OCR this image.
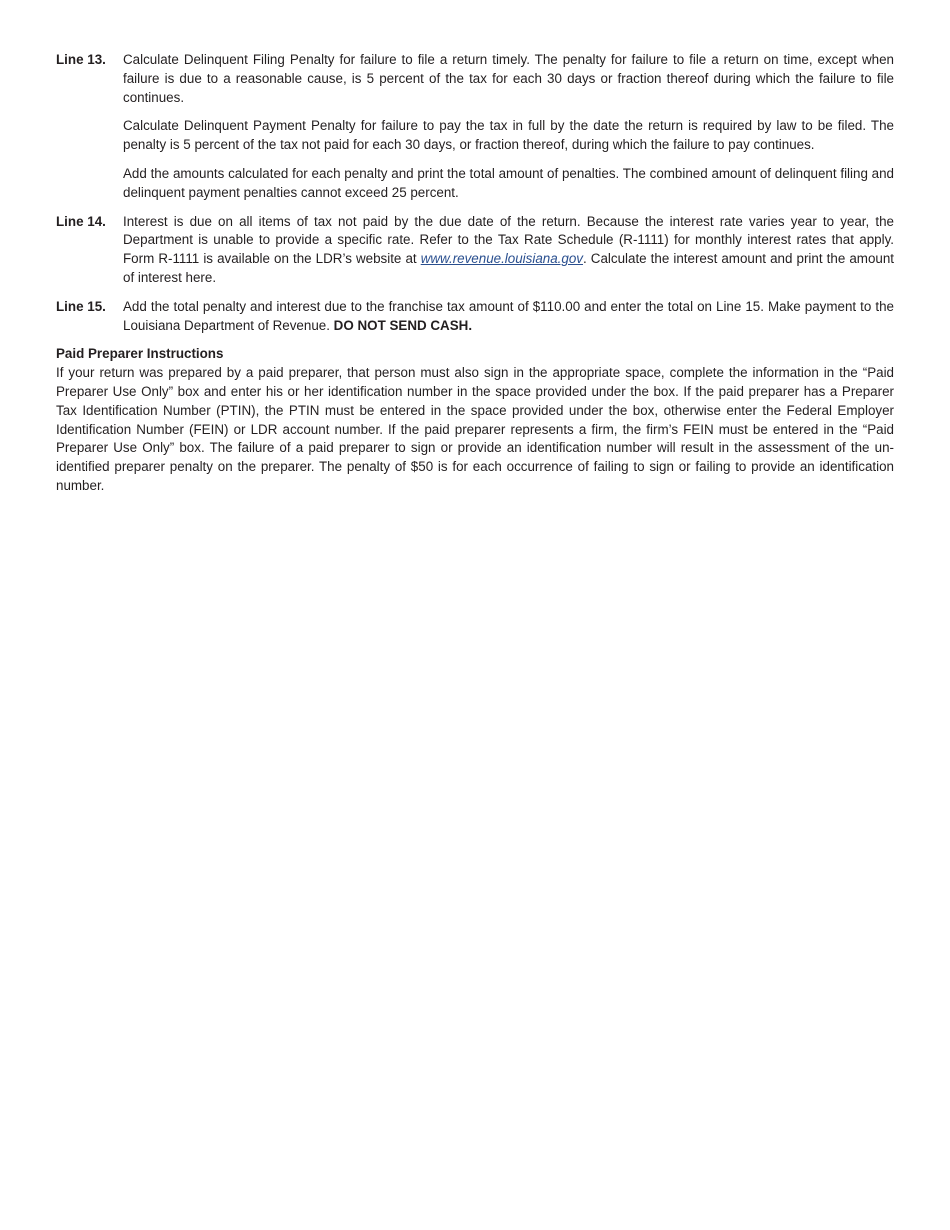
Line 13.	Calculate Delinquent Filing Penalty for failure to file a return timely. The penalty for failure to file a return on time, except when failure is due to a reasonable cause, is 5 percent of the tax for each 30 days or fraction thereof during which the failure to file continues.

Calculate Delinquent Payment Penalty for failure to pay the tax in full by the date the return is required by law to be filed. The penalty is 5 percent of the tax not paid for each 30 days, or fraction thereof, during which the failure to pay continues.

Add the amounts calculated for each penalty and print the total amount of penalties. The combined amount of delinquent filing and delinquent payment penalties cannot exceed 25 percent.

Line 14.	Interest is due on all items of tax not paid by the due date of the return. Because the interest rate varies year to year, the Department is unable to provide a specific rate. Refer to the Tax Rate Schedule (R-1111) for monthly interest rates that apply. Form R-1111 is available on the LDR’s website at www.revenue.louisiana.gov. Calculate the interest amount and print the amount of interest here.

Line 15.	Add the total penalty and interest due to the franchise tax amount of $110.00 and enter the total on Line 15. Make payment to the Louisiana Department of Revenue. DO NOT SEND CASH.

Paid Preparer Instructions

If your return was prepared by a paid preparer, that person must also sign in the appropriate space, complete the information in the “Paid Preparer Use Only” box and enter his or her identification number in the space provided under the box. If the paid preparer has a Preparer Tax Identification Number (PTIN), the PTIN must be entered in the space provided under the box, otherwise enter the Federal Employer Identification Number (FEIN) or LDR account number. If the paid preparer represents a firm, the firm’s FEIN must be entered in the “Paid Preparer Use Only” box. The failure of a paid preparer to sign or provide an identification number will result in the assessment of the unidentified preparer penalty on the preparer. The penalty of $50 is for each occurrence of failing to sign or failing to provide an identification number.
